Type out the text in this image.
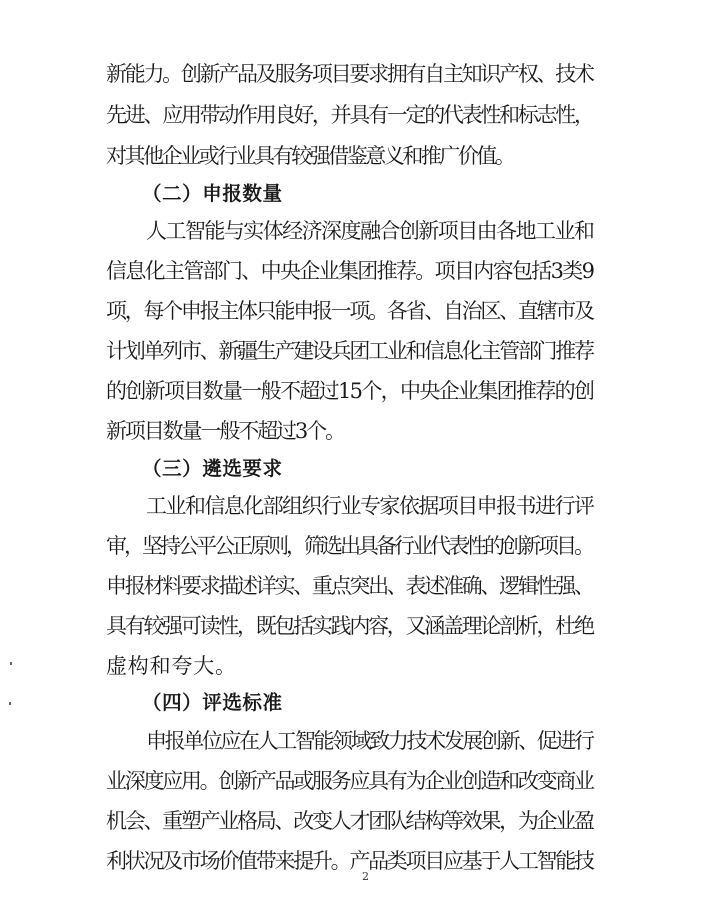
新能力。创新产品及服务项目要求拥有自主知识产权、技术
先进、应用带动作用良好，并具有一定的代表性和标志性，
对其他企业或行业具有较强借鉴意义和推广价值。
（二）申报数量
人工智能与实体经济深度融合创新项目由各地工业和
信息化主管部门、中央企业集团推荐。项目内容包括3类9
项，每个申报主体只能申报一项。各省、自治区、直辖市及
计划单列市、新疆生产建设兵团工业和信息化主管部门推荐
的创新项目数量一般不超过15个，中央企业集团推荐的创
新项目数量一般不超过3个。
（三）遴选要求
工业和信息化部组织行业专家依据项目申报书进行评
审，坚持公平公正原则，筛选出具备行业代表性的创新项目。
申报材料要求描述详实、重点突出、表述准确、逻辑性强、
具有较强可读性，既包括实践内容，又涵盖理论剖析，杜绝
虚构和夸大。
（四）评选标准
申报单位应在人工智能领域致力技术发展创新、促进行
业深度应用。创新产品或服务应具有为企业创造和改变商业
机会、重塑产业格局、改变人才团队结构等效果，为企业盈
利状况及市场价值带来提升。产品类项目应基于人工智能技
2
